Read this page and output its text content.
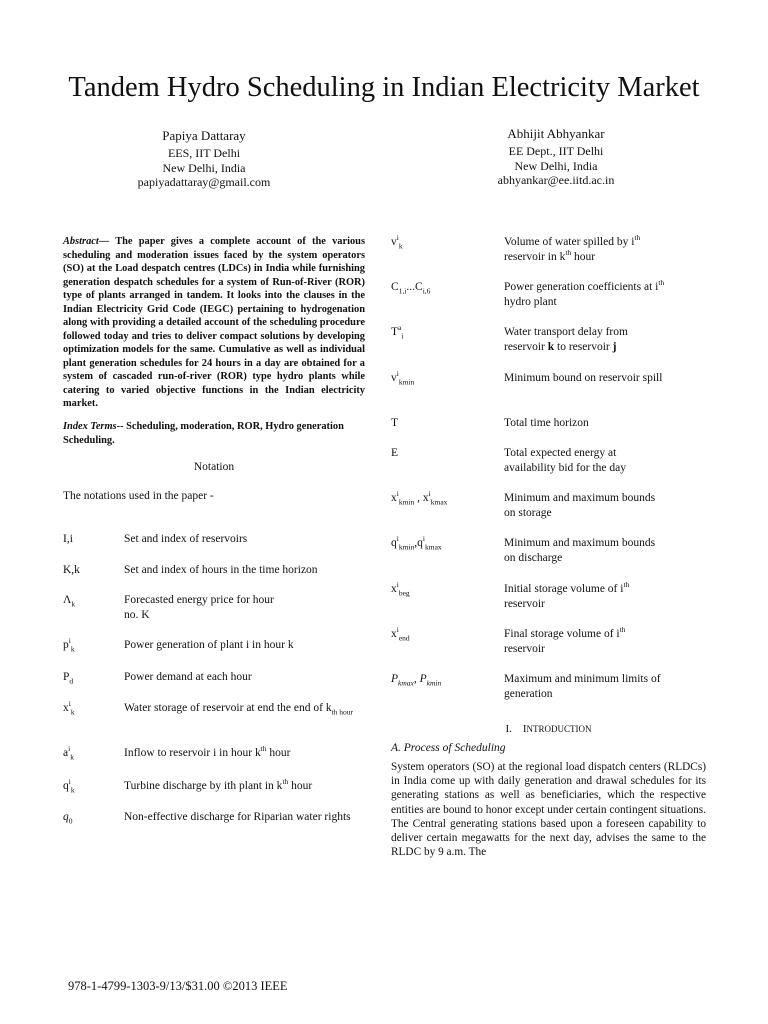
Tandem Hydro Scheduling in Indian Electricity Market
Papiya Dattaray
EES, IIT Delhi
New Delhi, India
papiyadattaray@gmail.com
Abhijit Abhyankar
EE Dept., IIT Delhi
New Delhi, India
abhyankar@ee.iitd.ac.in

Abstract— The paper gives a complete account of the various scheduling and moderation issues faced by the system operators (SO) at the Load despatch centres (LDCs) in India while furnishing generation despatch schedules for a system of Run-of-River (ROR) type of plants arranged in tandem. It looks into the clauses in the Indian Electricity Grid Code (IEGC) pertaining to hydrogenation along with providing a detailed account of the scheduling procedure followed today and tries to deliver compact solutions by developing optimization models for the same. Cumulative as well as individual plant generation schedules for 24 hours in a day are obtained for a system of cascaded run-of-river (ROR) type hydro plants while catering to varied objective functions in the Indian electricity market.

Index Terms-- Scheduling, moderation, ROR, Hydro generation Scheduling.

Notation
The notations used in the paper -
I,i	Set and index of reservoirs
K,k	Set and index of hours in the time horizon
$\Lambda_k$	Forecasted energy price for hour no. K
$p^i_k$	Power generation of plant i in hour k
$P_d$	Power demand at each hour
$x^i_k$	Water storage of reservoir at end the end of $k_{th hour}$
$a^i_k$	Inflow to reservoir i in hour $k^{th}$ hour
$q^i_k$	Turbine discharge by ith plant in $k^{th}$ hour
$q_0$	Non-effective discharge for Riparian water rights
$v^i_k$	Volume of water spilled by $i^{th}$ reservoir in $k^{th}$ hour
$C_{1,i}...C_{i,6}$	Power generation coefficients at $i^{th}$ hydro plant
$T^a_i$	Water transport delay from reservoir k to reservoir j
$v^i_{kmin}$	Minimum bound on reservoir spill
T	Total time horizon
E	Total expected energy at availability bid for the day
$x^i_{kmin}$ , $x^i_{kmax}$	Minimum and maximum bounds on storage
$q^i_{kmin},q^i_{kmax}$	Minimum and maximum bounds on discharge
$x^i_{beg}$	Initial storage volume of $i^{th}$ reservoir
$x^i_{end}$	Final storage volume of $i^{th}$ reservoir
$P_{kmax}$, $P_{kmin}$	Maximum and minimum limits of generation
I. INTRODUCTION
A. Process of Scheduling

System operators (SO) at the regional load dispatch centers (RLDCs) in India come up with daily generation and drawal schedules for its generating stations as well as beneficiaries, which the respective entities are bound to honor except under certain contingent situations. The Central generating stations based upon a foreseen capability to deliver certain megawatts for the next day, advises the same to the RLDC by 9 a.m. The

978-1-4799-1303-9/13/$31.00 ©2013 IEEE
